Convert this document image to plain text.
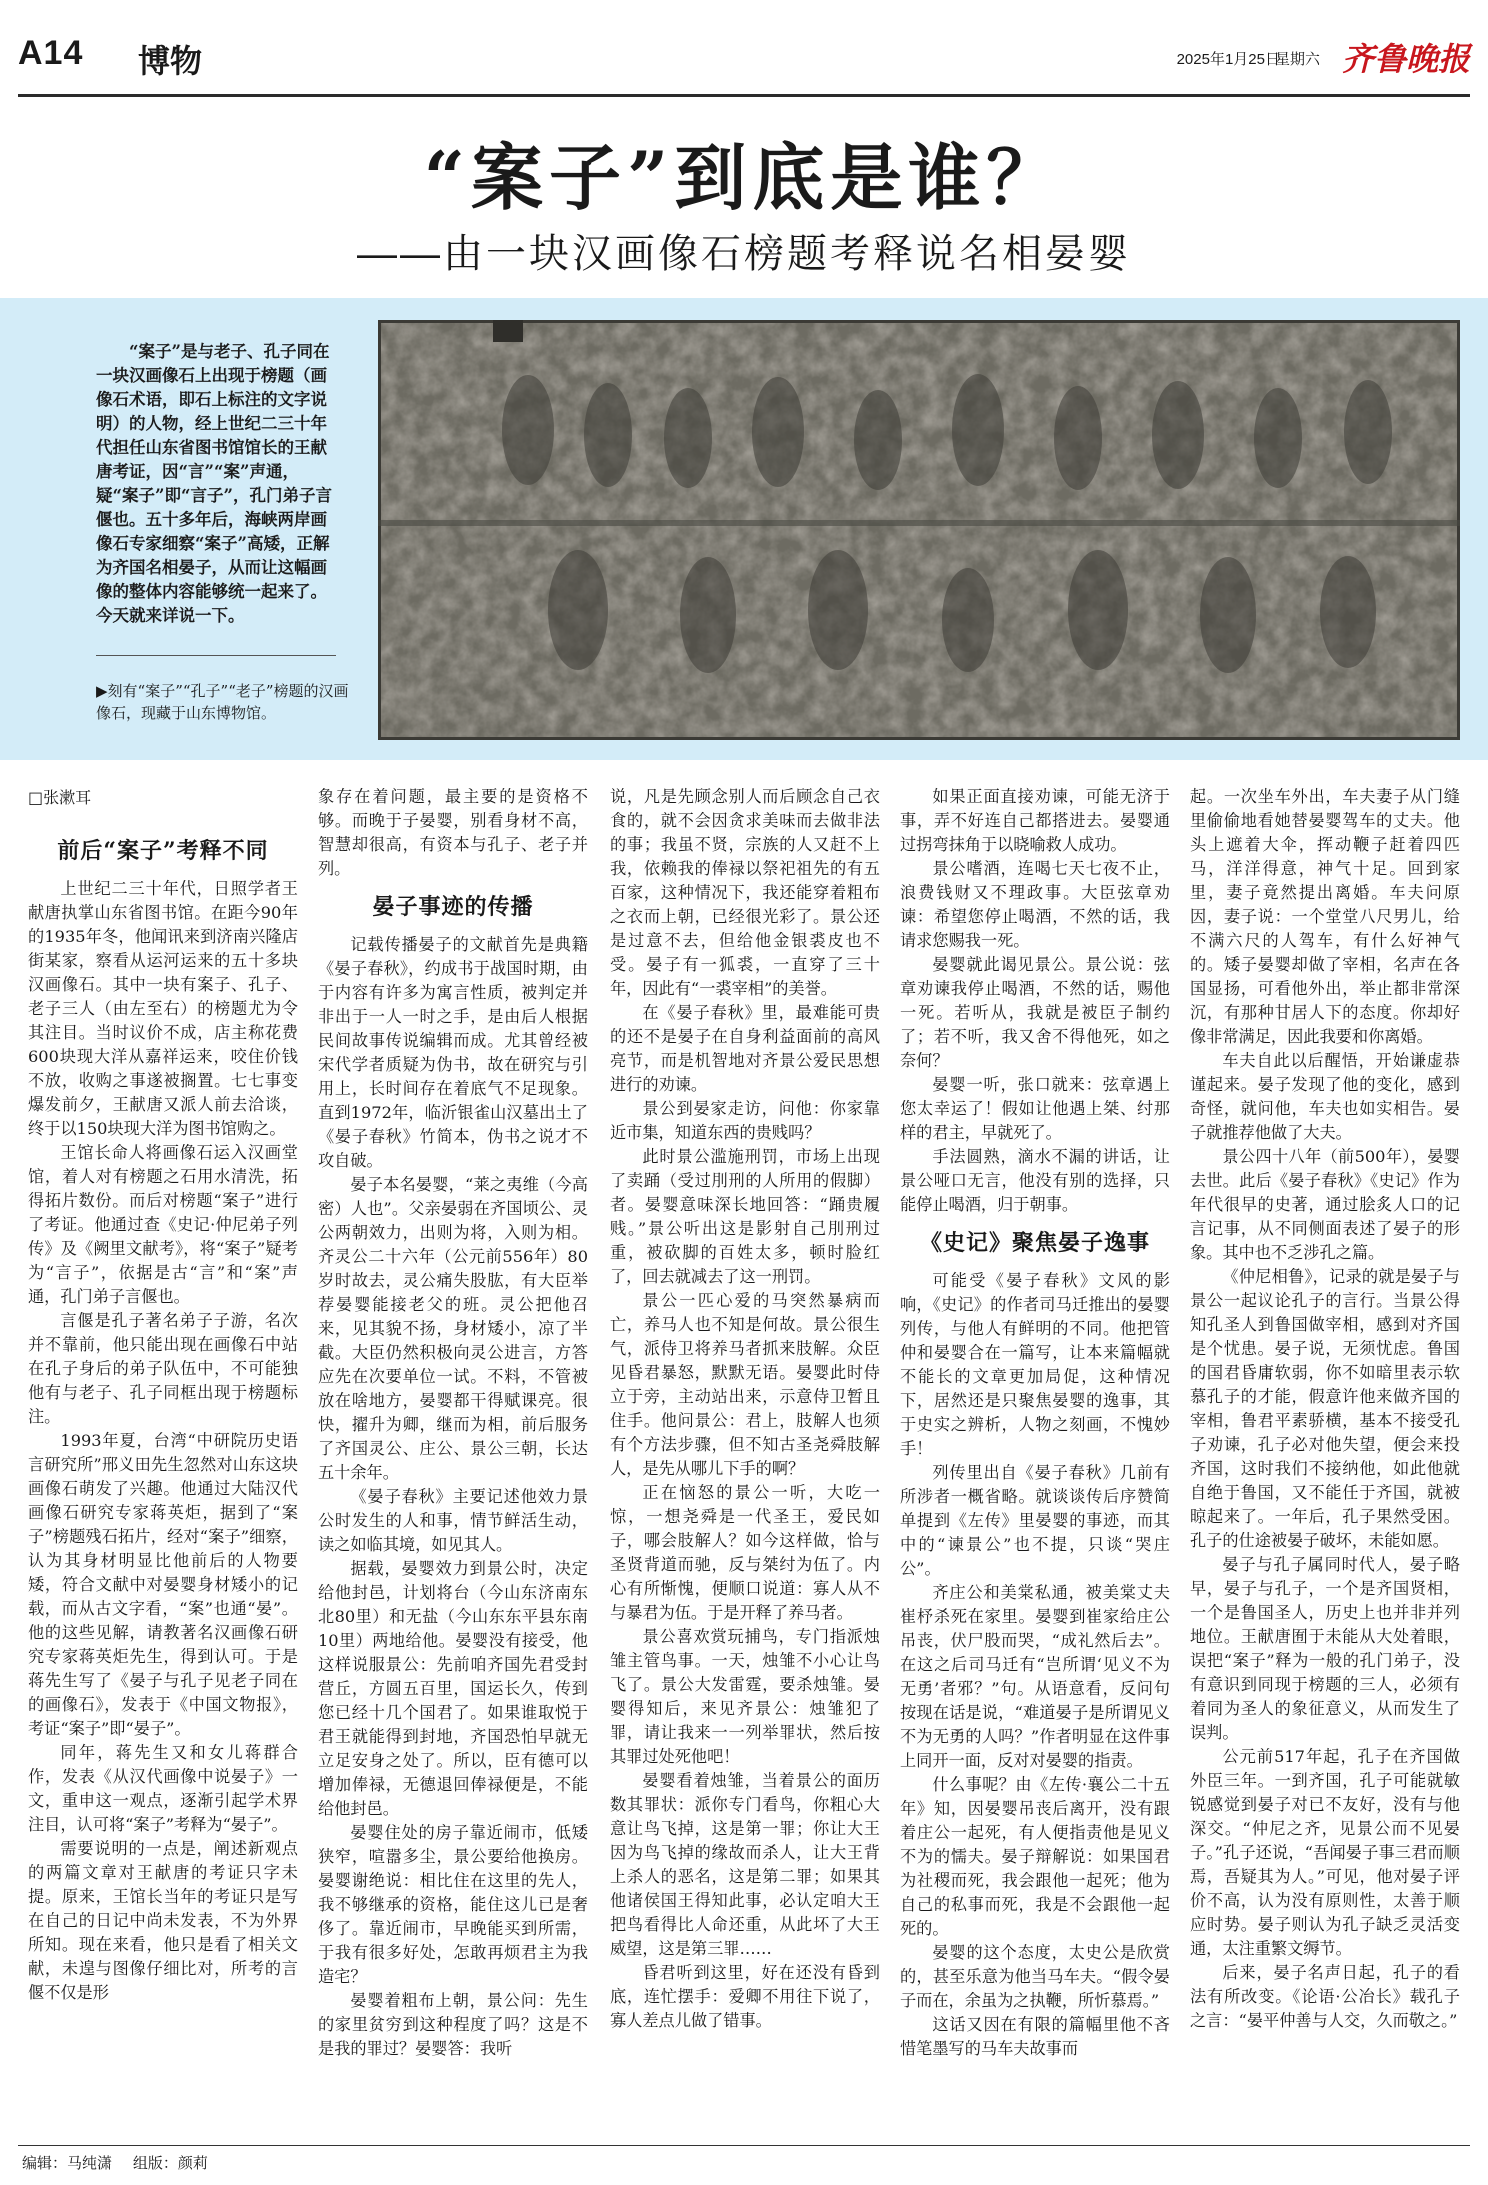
A14 博物	2025年1月25日
星期六 齐鲁晚报
“案子”到底是谁？
——由一块汉画像石榜题考释说名相晏婴
“案子”是与老子、孔子同在一块汉画像石上出现于榜题（画像石术语，即石上标注的文字说明）的人物，经上世纪二三十年代担任山东省图书馆馆长的王献唐考证，因“言”“案”声通，疑“案子”即“言子”，孔门弟子言偃也。五十多年后，海峡两岸画像石专家细察“案子”高矮，正解为齐国名相晏子，从而让这幅画像的整体内容能够统一起来了。今天就来详说一下。
▶刻有“案子”“孔子”“老子”榜题的汉画像石，现藏于山东博物馆。
□张漱耳
前后“案子”考释不同

上世纪二三十年代，日照学者王献唐执掌山东省图书馆。在距今90年的1935年冬，他闻讯来到济南兴隆店街某家，察看从运河运来的五十多块汉画像石。其中一块有案子、孔子、老子三人（由左至右）的榜题尤为令其注目。当时议价不成，店主称花费600块现大洋从嘉祥运来，咬住价钱不放，收购之事遂被搁置。七七事变爆发前夕，王献唐又派人前去洽谈，终于以150块现大洋为图书馆购之。

王馆长命人将画像石运入汉画堂馆，着人对有榜题之石用水清洗，拓得拓片数份。而后对榜题“案子”进行了考证。他通过查《史记·仲尼弟子列传》及《阙里文献考》，将“案子”疑考为“言子”，依据是古“言”和“案”声通，孔门弟子言偃也。

言偃是孔子著名弟子子游，名次并不靠前，他只能出现在画像石中站在孔子身后的弟子队伍中，不可能独他有与老子、孔子同框出现于榜题标注。

1993年夏，台湾“中研院历史语言研究所”邢义田先生忽然对山东这块画像石萌发了兴趣。他通过大陆汉代画像石研究专家蒋英炬，据到了“案子”榜题残石拓片，经对“案子”细察，认为其身材明显比他前后的人物要矮，符合文献中对晏婴身材矮小的记载，而从古文字看，“案”也通“晏”。他的这些见解，请教著名汉画像石研究专家蒋英炬先生，得到认可。于是蒋先生写了《晏子与孔子见老子同在的画像石》，发表于《中国文物报》，考证“案子”即“晏子”。

同年，蒋先生又和女儿蒋群合作，发表《从汉代画像中说晏子》一文，重申这一观点，逐渐引起学术界注目，认可将“案子”考释为“晏子”。

需要说明的一点是，阐述新观点的两篇文章对王献唐的考证只字未提。原来，王馆长当年的考证只是写在自己的日记中尚未发表，不为外界所知。现在来看，他只是看了相关文献，未遑与图像仔细比对，所考的言偃不仅是形

象存在着问题，最主要的是资格不够。而晚于子晏婴，别看身材不高，智慧却很高，有资本与孔子、老子并列。

晏子事迹的传播

记载传播晏子的文献首先是典籍《晏子春秋》，约成书于战国时期，由于内容有许多为寓言性质，被判定并非出于一人一时之手，是由后人根据民间故事传说编辑而成。尤其曾经被宋代学者质疑为伪书，故在研究与引用上，长时间存在着底气不足现象。直到1972年，临沂银雀山汉墓出土了《晏子春秋》竹简本，伪书之说才不攻自破。

晏子本名晏婴，“莱之夷维（今高密）人也”。父亲晏弱在齐国顷公、灵公两朝效力，出则为将，入则为相。齐灵公二十六年（公元前556年）80岁时故去，灵公痛失股肱，有大臣举荐晏婴能接老父的班。灵公把他召来，见其貌不扬，身材矮小，凉了半截。大臣仍然积极向灵公进言，方答应先在次要单位一试。不料，不管被放在啥地方，晏婴都干得赋课亮。很快，擢升为卿，继而为相，前后服务了齐国灵公、庄公、景公三朝，长达五十余年。

《晏子春秋》主要记述他效力景公时发生的人和事，情节鲜活生动，读之如临其境，如见其人。

据载，晏婴效力到景公时，决定给他封邑，计划将台（今山东济南东北80里）和无盐（今山东东平县东南10里）两地给他。晏婴没有接受，他这样说服景公：先前咱齐国先君受封营丘，方圆五百里，国运长久，传到您已经十几个国君了。如果谁取悦于君王就能得到封地，齐国恐怕早就无立足安身之处了。所以，臣有德可以增加俸禄，无德退回俸禄便是，不能给他封邑。

晏婴住处的房子靠近闹市，低矮狭窄，喧嚣多尘，景公要给他换房。晏婴谢绝说：相比住在这里的先人，我不够继承的资格，能住这儿已是奢侈了。靠近闹市，早晚能买到所需，于我有很多好处，怎敢再烦君主为我造宅？

晏婴着粗布上朝，景公问：先生的家里贫穷到这种程度了吗？这是不是我的罪过？晏婴答：我听

说，凡是先顾念别人而后顾念自己衣食的，就不会因贪求美味而去做非法的事；我虽不贤，宗族的人又赶不上我，依赖我的俸禄以祭祀祖先的有五百家，这种情况下，我还能穿着粗布之衣而上朝，已经很光彩了。景公还是过意不去，但给他金银裘皮也不受。晏子有一狐裘，一直穿了三十年，因此有“一裘宰相”的美誉。

在《晏子春秋》里，最难能可贵的还不是晏子在自身利益面前的高风亮节，而是机智地对齐景公爱民思想进行的劝谏。

景公到晏家走访，问他：你家靠近市集，知道东西的贵贱吗？

此时景公滥施刑罚，市场上出现了卖踊（受过刖刑的人所用的假脚）者。晏婴意味深长地回答：“踊贵履贱。”景公听出这是影射自己刖刑过重，被砍脚的百姓太多，顿时脸红了，回去就减去了这一刑罚。

景公一匹心爱的马突然暴病而亡，养马人也不知是何故。景公很生气，派侍卫将养马者抓来肢解。众臣见昏君暴怒，默默无语。晏婴此时侍立于旁，主动站出来，示意侍卫暂且住手。他问景公：君上，肢解人也须有个方法步骤，但不知古圣尧舜肢解人，是先从哪儿下手的啊？

正在恼怒的景公一听，大吃一惊，一想尧舜是一代圣王，爱民如子，哪会肢解人？如今这样做，恰与圣贤背道而驰，反与桀纣为伍了。内心有所惭愧，便顺口说道：寡人从不与暴君为伍。于是开释了养马者。

景公喜欢赏玩捕鸟，专门指派烛雏主管鸟事。一天，烛雏不小心让鸟飞了。景公大发雷霆，要杀烛雏。晏婴得知后，来见齐景公：烛雏犯了罪，请让我来一一列举罪状，然后按其罪过处死他吧！

晏婴看着烛雏，当着景公的面历数其罪状：派你专门看鸟，你粗心大意让鸟飞掉，这是第一罪；你让大王因为鸟飞掉的缘故而杀人，让大王背上杀人的恶名，这是第二罪；如果其他诸侯国王得知此事，必认定咱大王把鸟看得比人命还重，从此坏了大王威望，这是第三罪……

昏君听到这里，好在还没有昏到底，连忙摆手：爱卿不用往下说了，寡人差点儿做了错事。

如果正面直接劝谏，可能无济于事，弄不好连自己都搭进去。晏婴通过拐弯抹角于以晓喻救人成功。

景公嗜酒，连喝七天七夜不止，浪费钱财又不理政事。大臣弦章劝谏：希望您停止喝酒，不然的话，我请求您赐我一死。

晏婴就此谒见景公。景公说：弦章劝谏我停止喝酒，不然的话，赐他一死。若听从，我就是被臣子制约了；若不听，我又舍不得他死，如之奈何？

晏婴一听，张口就来：弦章遇上您太幸运了！假如让他遇上桀、纣那样的君主，早就死了。

手法圆熟，滴水不漏的讲话，让景公哑口无言，他没有别的选择，只能停止喝酒，归于朝事。

《史记》聚焦晏子逸事

可能受《晏子春秋》文风的影响，《史记》的作者司马迁推出的晏婴列传，与他人有鲜明的不同。他把管仲和晏婴合在一篇写，让本来篇幅就不能长的文章更加局促，这种情况下，居然还是只聚焦晏婴的逸事，其于史实之辨析，人物之刻画，不愧妙手！

列传里出自《晏子春秋》几前有所涉者一概省略。就谈谈传后序赞简单提到《左传》里晏婴的事迹，而其中的“谏景公”也不提，只谈“哭庄公”。

齐庄公和美棠私通，被美棠丈夫崔杼杀死在家里。晏婴到崔家给庄公吊丧，伏尸股而哭，“成礼然后去”。在这之后司马迁有“岂所谓‘见义不为无勇’者邪？”句。从语意看，反问句按现在话是说，“难道晏子是所谓见义不为无勇的人吗？”作者明显在这件事上同开一面，反对对晏婴的指责。

什么事呢？由《左传·襄公二十五年》知，因晏婴吊丧后离开，没有跟着庄公一起死，有人便指责他是见义不为的懦夫。晏子辩解说：如果国君为社稷而死，我会跟他一起死；他为自己的私事而死，我是不会跟他一起死的。

晏婴的这个态度，太史公是欣赏的，甚至乐意为他当马车夫。“假令晏子而在，余虽为之执鞭，所忻慕焉。”

这话又因在有限的篇幅里他不吝惜笔墨写的马车夫故事而

起。一次坐车外出，车夫妻子从门缝里偷偷地看她替晏婴驾车的丈夫。他头上遮着大伞，挥动鞭子赶着四匹马，洋洋得意，神气十足。回到家里，妻子竟然提出离婚。车夫问原因，妻子说：一个堂堂八尺男儿，给不满六尺的人驾车，有什么好神气的。矮子晏婴却做了宰相，名声在各国显扬，可看他外出，举止都非常深沉，有那种甘居人下的态度。你却好像非常满足，因此我要和你离婚。

车夫自此以后醒悟，开始谦虚恭谨起来。晏子发现了他的变化，感到奇怪，就问他，车夫也如实相告。晏子就推荐他做了大夫。

景公四十八年（前500年），晏婴去世。此后《晏子春秋》《史记》作为年代很早的史著，通过脍炙人口的记言记事，从不同侧面表述了晏子的形象。其中也不乏涉孔之篇。

《仲尼相鲁》，记录的就是晏子与景公一起议论孔子的言行。当景公得知孔圣人到鲁国做宰相，感到对齐国是个忧患。晏子说，无须忧虑。鲁国的国君昏庸软弱，你不如暗里表示软慕孔子的才能，假意许他来做齐国的宰相，鲁君平素骄横，基本不接受孔子劝谏，孔子必对他失望，便会来投齐国，这时我们不接纳他，如此他就自绝于鲁国，又不能任于齐国，就被晾起来了。一年后，孔子果然受困。孔子的仕途被晏子破坏，未能如愿。

晏子与孔子属同时代人，晏子略早，晏子与孔子，一个是齐国贤相，一个是鲁国圣人，历史上也并非并列地位。王献唐囿于未能从大处着眼，误把“案子”释为一般的孔门弟子，没有意识到同现于榜题的三人，必须有着同为圣人的象征意义，从而发生了误判。

公元前517年起，孔子在齐国做外臣三年。一到齐国，孔子可能就敏锐感觉到晏子对已不友好，没有与他深交。“仲尼之齐，见景公而不见晏子。”孔子还说，“吾闻晏子事三君而顺焉，吾疑其为人。”可见，他对晏子评价不高，认为没有原则性，太善于顺应时势。晏子则认为孔子缺乏灵活变通，太注重繁文缛节。

后来，晏子名声日起，孔子的看法有所改变。《论语·公冶长》载孔子之言：“晏平仲善与人交，久而敬之。”

编辑：马纯潇 组版：颜莉
